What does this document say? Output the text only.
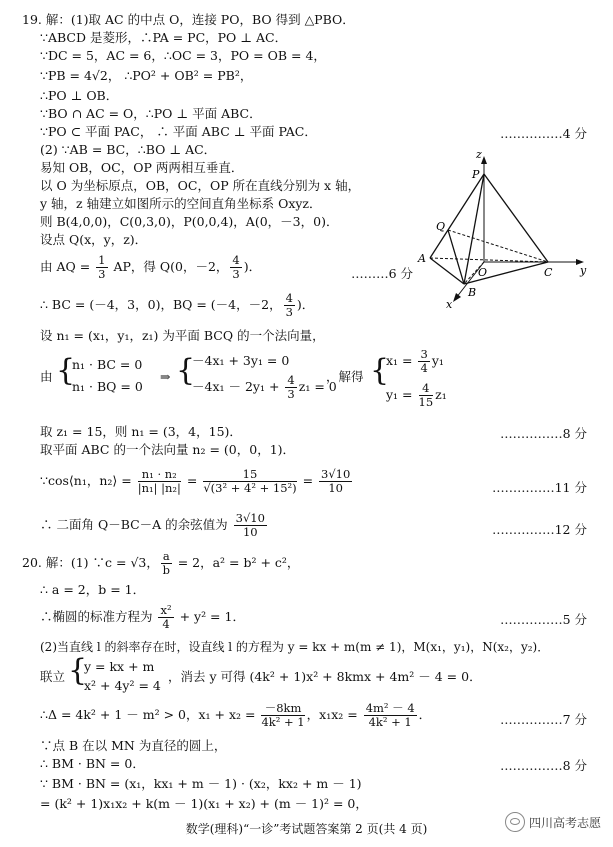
19. 解：(1)取 AC 的中点 O，连接 PO，BO 得到 △PBO．
∵ABCD 是菱形，∴PA = PC，PO ⊥ AC．
∵DC = 5，AC = 6，∴OC = 3，PO = OB = 4，
∵PB = 4√2， ∴PO² + OB² = PB²，
∴PO ⊥ OB．
∵BO ∩ AC = O，∴PO ⊥ 平面 ABC．
∵PO ⊂ 平面 PAC， ∴ 平面 ABC ⊥ 平面 PAC．	……………4 分
(2) ∵AB = BC，∴BO ⊥ AC．
易知 OB，OC，OP 两两相互垂直．
以 O 为坐标原点，OB，OC，OP 所在直线分别为 x 轴，
y 轴，z 轴建立如图所示的空间直角坐标系 Oxyz．
则 B(4,0,0)，C(0,3,0)，P(0,0,4)，A(0，－3，0)．
设点 Q(x，y，z)．
由 AQ = $\frac{1}{3}$ AP，得 Q(0，－2， $\frac{4}{3}$ )．	………6 分
∴ BC = (－4，3，0)，BQ = (－4，－2， $\frac{4}{3}$ )．
设 n₁ = (x₁，y₁，z₁) 为平面 BCQ 的一个法向量，
由 {
n₁ · BC = 0
n₁ · BQ = 0
⇒ {
－4x₁ + 3y₁ = 0
$-4x_1 - 2y_1 + \frac{4}{3} z_1 = 0$
，解得 {
$x_1 = \frac{3}{4} y_1$
$y_1 = \frac{4}{15} z_1$
取 z₁ = 15，则 n₁ = (3，4，15)．	……………8 分
取平面 ABC 的一个法向量 n₂ = (0，0，1)．
∵cos⟨n₁，n₂⟩ = $\frac{\text{n₁ · n₂}}{\text{|n₁| |n₂|}} = \frac{15}{\text{√(3² + 4² + 15²)}} = \frac{3√10}{10}$	……………11 分
∴ 二面角 Q－BC－A 的余弦值为 $\frac{3√10}{10}$	……………12 分
z
P
Q
A
O	C	y
B
x
20. 解：(1) ∵c = √3， $\frac{a}{b} = 2$，a² = b² + c²，
∴ a = 2，b = 1．
∴椭圆的标准方程为 $\frac{\text{x²}}{4} + y^2 = 1$．	……………5 分
(2)当直线 l 的斜率存在时，设直线 l 的方程为 y = kx + m(m ≠ 1)，M(x₁，y₁)，N(x₂，y₂)．
联立 {
y = kx + m
x² + 4y² = 4
，消去 y 可得 (4k² + 1)x² + 8kmx + 4m² － 4 = 0．
∴Δ = 4k² + 1 － m² > 0，$x_1 + x_2 = \frac{-8km}{\text{4k² + 1}}$ ，$x_1x_2 = \frac{\text{4m² － 4}}{\text{4k² + 1}}$ ．	……………7 分
∵点 B 在以 MN 为直径的圆上，
∴ BM · BN = 0．	……………8 分
∵ BM · BN = (x₁，kx₁ + m － 1) · (x₂，kx₂ + m － 1)
= (k² + 1)x₁x₂ + k(m － 1)(x₁ + x₂) + (m － 1)² = 0，
数学(理科)“一诊”考试题答案第 2 页(共 4 页)	四川高考志愿
